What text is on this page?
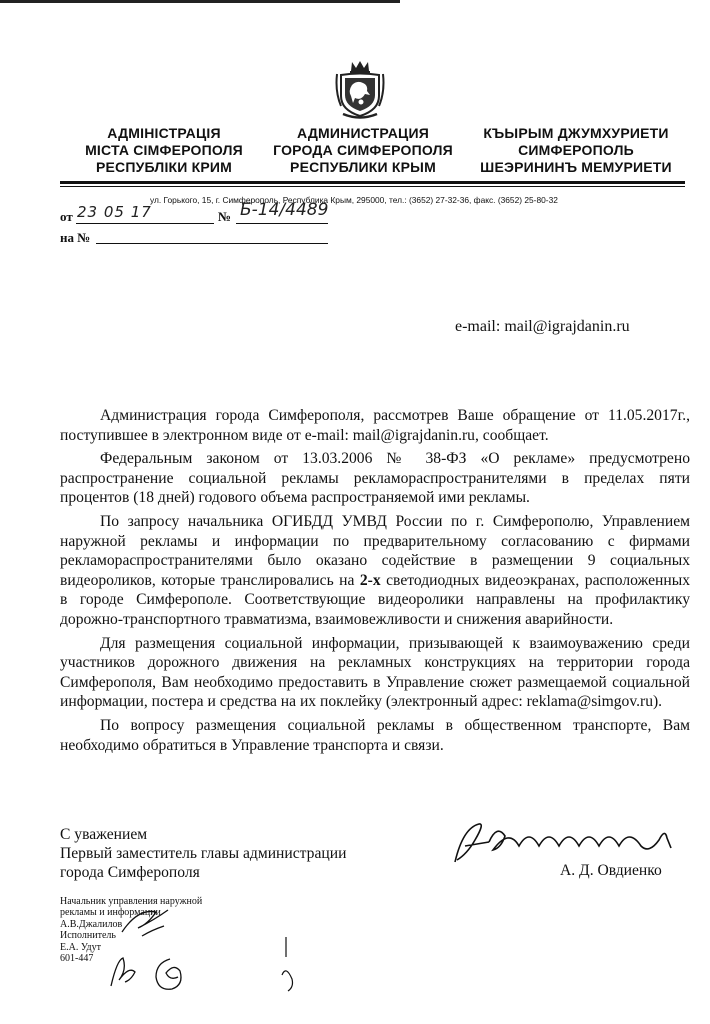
АДМІНІСТРАЦІЯ
МІСТА СІМФЕРОПОЛЯ
РЕСПУБЛІКИ КРИМ
АДМИНИСТРАЦИЯ
ГОРОДА СИМФЕРОПОЛЯ
РЕСПУБЛИКИ КРЫМ
КЪЫРЫМ ДЖУМХУРИЕТИ
СИМФЕРОПОЛЬ
ШЕЭРИНИНЪ МЕМУРИЕТИ
ул. Горького, 15, г. Симферополь, Республика Крым, 295000, тел.: (3652) 27-32-36, факс. (3652) 25-80-32
от 23 05 17	№ Б-14/4489
на №
e-mail: mail@igrajdanin.ru

Администрация города Симферополя, рассмотрев Ваше обращение от 11.05.2017г., поступившее в электронном виде от e-mail: mail@igrajdanin.ru, сообщает.

Федеральным законом от 13.03.2006 № 38-ФЗ «О рекламе» предусмотрено распространение социальной рекламы рекламораспространителями в пределах пяти процентов (18 дней) годового объема распространяемой ими рекламы.

По запросу начальника ОГИБДД УМВД России по г. Симферополю, Управлением наружной рекламы и информации по предварительному согласованию с фирмами рекламораспространителями было оказано содействие в размещении 9 социальных видеороликов, которые транслировались на 2-х светодиодных видеоэкранах, расположенных в городе Симферополе. Соответствующие видеоролики направлены на профилактику дорожно-транспортного травматизма, взаимовежливости и снижения аварийности.

Для размещения социальной информации, призывающей к взаимоуважению среди участников дорожного движения на рекламных конструкциях на территории города Симферополя, Вам необходимо предоставить в Управление сюжет размещаемой социальной информации, постера и средства на их поклейку (электронный адрес: reklama@simgov.ru).

По вопросу размещения социальной рекламы в общественном транспорте, Вам необходимо обратиться в Управление транспорта и связи.

С уважением
Первый заместитель главы администрации
города Симферополя	А. Д. Овдиенко
Начальник управления наружной
рекламы и информации
А.В.Джалилов
Исполнитель
Е.А. Удут
601-447
